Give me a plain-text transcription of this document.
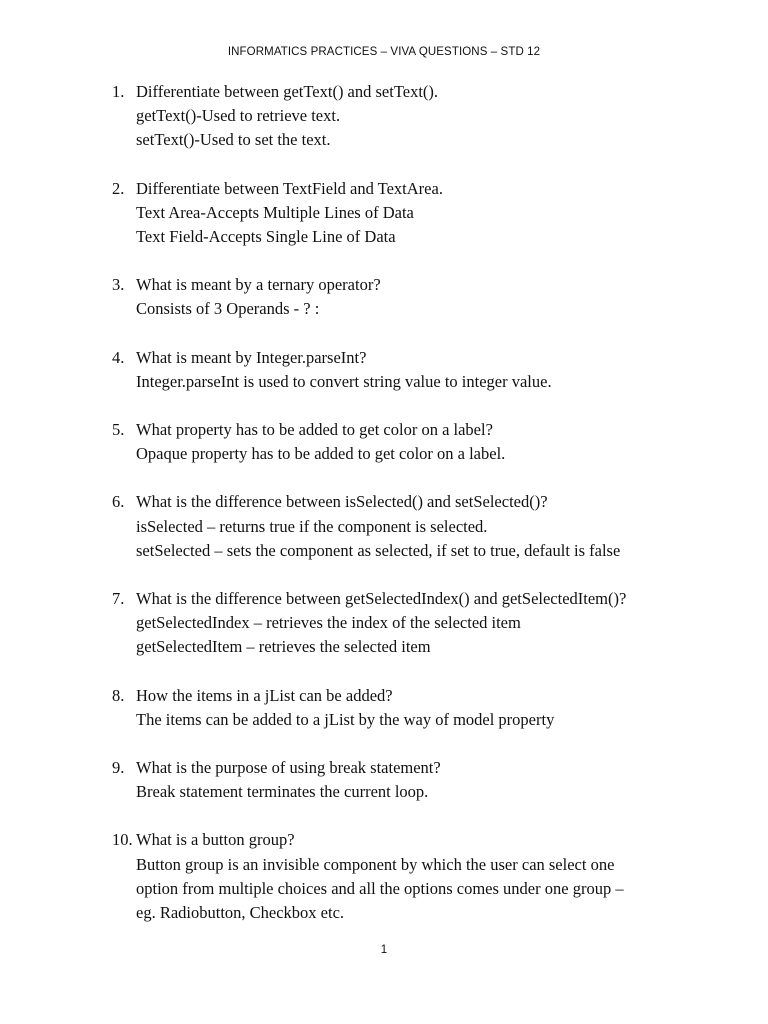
INFORMATICS PRACTICES – VIVA QUESTIONS – STD 12
1. Differentiate between getText() and setText().
getText()-Used to retrieve text.
setText()-Used to set the text.
2. Differentiate between TextField and TextArea.
Text Area-Accepts Multiple Lines of Data
Text Field-Accepts Single Line of Data
3. What is meant by a ternary operator?
Consists of 3 Operands - ? :
4. What is meant by Integer.parseInt?
Integer.parseInt is used to convert string value to integer value.
5. What property has to be added to get color on a label?
Opaque property has to be added to get color on a label.
6. What is the difference between isSelected() and setSelected()?
isSelected – returns true if the component is selected.
setSelected – sets the component as selected, if set to true, default is false
7. What is the difference between getSelectedIndex() and getSelectedItem()?
getSelectedIndex – retrieves the index of the selected item
getSelectedItem – retrieves the selected item
8. How the items in a jList can be added?
The items can be added to a jList by the way of model property
9. What is the purpose of using break statement?
Break statement terminates the current loop.
10. What is a button group?
Button group is an invisible component by which the user can select one
option from multiple choices and all the options comes under one group –
eg. Radiobutton, Checkbox etc.
1
